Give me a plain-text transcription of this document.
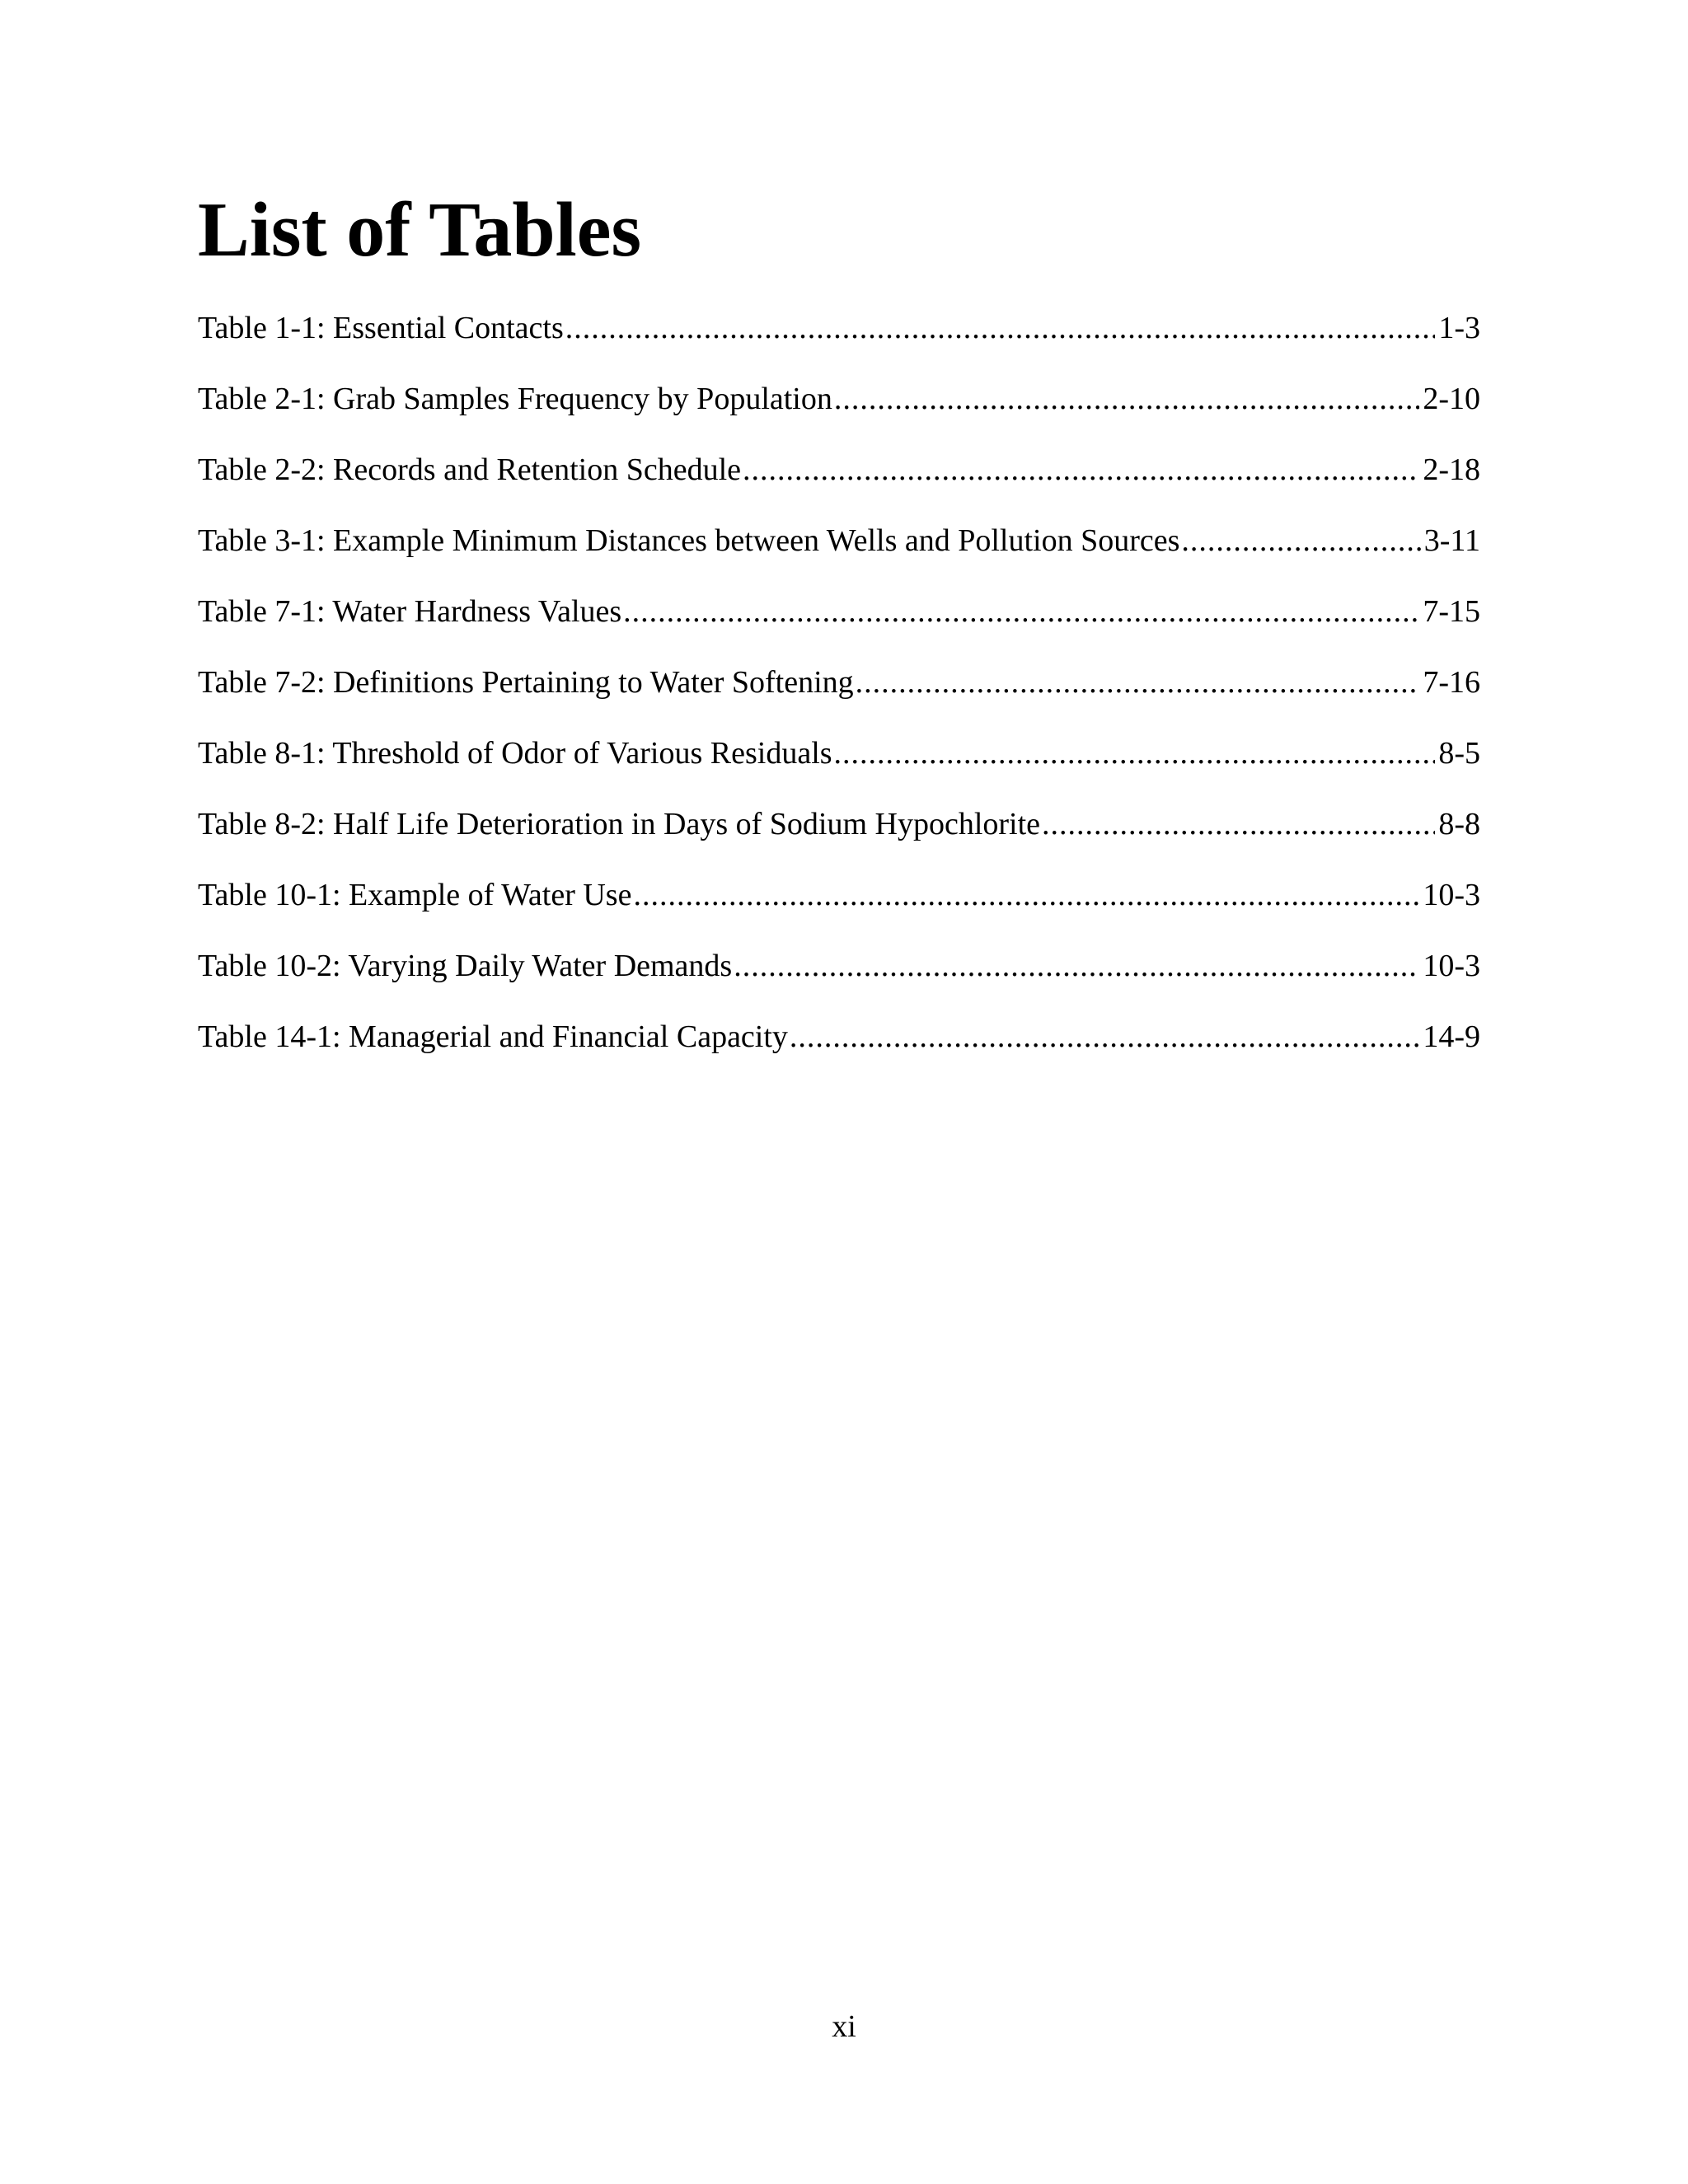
List of Tables
Table 1-1: Essential Contacts .....	1-3
Table 2-1: Grab Samples Frequency by Population .....	2-10
Table 2-2: Records and Retention Schedule .....	2-18
Table 3-1: Example Minimum Distances between Wells and Pollution Sources .....	3-11
Table 7-1: Water Hardness Values .....	7-15
Table 7-2: Definitions Pertaining to Water Softening .....	7-16
Table 8-1: Threshold of Odor of Various Residuals .....	8-5
Table 8-2: Half Life Deterioration in Days of Sodium Hypochlorite .....	8-8
Table 10-1: Example of Water Use .....	10-3
Table 10-2: Varying Daily Water Demands .....	10-3
Table 14-1: Managerial and Financial Capacity .....	14-9
xi
